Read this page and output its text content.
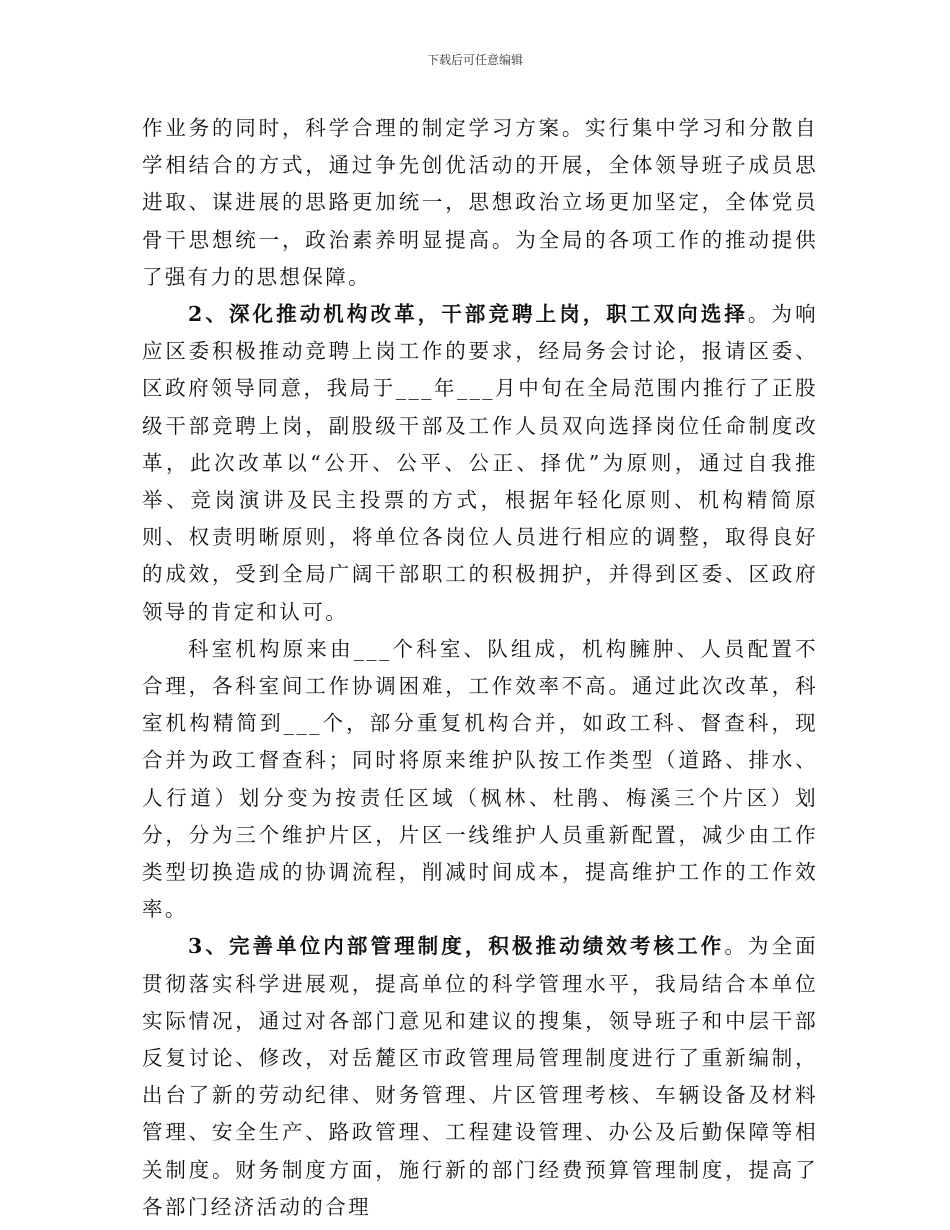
下载后可任意编辑

作业务的同时，科学合理的制定学习方案。实行集中学习和分散自学相结合的方式，通过争先创优活动的开展，全体领导班子成员思进取、谋进展的思路更加统一，思想政治立场更加坚定，全体党员骨干思想统一，政治素养明显提高。为全局的各项工作的推动提供了强有力的思想保障。

2、深化推动机构改革，干部竞聘上岗，职工双向选择。为响应区委积极推动竞聘上岗工作的要求，经局务会讨论，报请区委、区政府领导同意，我局于___年___月中旬在全局范围内推行了正股级干部竞聘上岗，副股级干部及工作人员双向选择岗位任命制度改革，此次改革以“公开、公平、公正、择优”为原则，通过自我推举、竞岗演讲及民主投票的方式，根据年轻化原则、机构精简原则、权责明晰原则，将单位各岗位人员进行相应的调整，取得良好的成效，受到全局广阔干部职工的积极拥护，并得到区委、区政府领导的肯定和认可。

科室机构原来由___个科室、队组成，机构臃肿、人员配置不合理，各科室间工作协调困难，工作效率不高。通过此次改革，科室机构精简到___个，部分重复机构合并，如政工科、督查科，现合并为政工督查科；同时将原来维护队按工作类型（道路、排水、人行道）划分变为按责任区域（枫林、杜鹃、梅溪三个片区）划分，分为三个维护片区，片区一线维护人员重新配置，减少由工作类型切换造成的协调流程，削减时间成本，提高维护工作的工作效率。

3、完善单位内部管理制度，积极推动绩效考核工作。为全面贯彻落实科学进展观，提高单位的科学管理水平，我局结合本单位实际情况，通过对各部门意见和建议的搜集，领导班子和中层干部反复讨论、修改，对岳麓区市政管理局管理制度进行了重新编制，出台了新的劳动纪律、财务管理、片区管理考核、车辆设备及材料管理、安全生产、路政管理、工程建设管理、办公及后勤保障等相关制度。财务制度方面，施行新的部门经费预算管理制度，提高了各部门经济活动的合理
